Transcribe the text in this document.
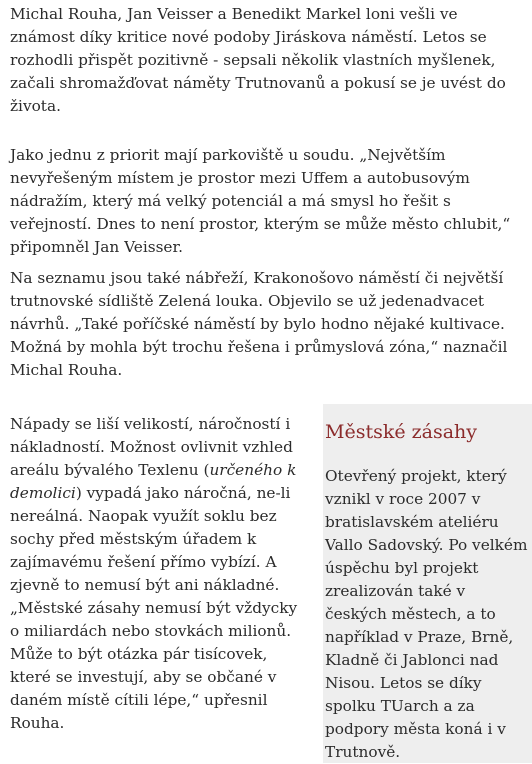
Michal Rouha, Jan Veisser a Benedikt Markel loni vešli ve známost díky kritice nové podoby Jiráskova náměstí. Letos se rozhodli přispět pozitivně - sepsali několik vlastních myšlenek, začali shromažďovat náměty Trutnovanů a pokusí se je uvést do života.

Jako jednu z priorit mají parkoviště u soudu. „Největším nevyřešeným místem je prostor mezi Uffem a autobusovým nádražím, který má velký potenciál a má smysl ho řešit s veřejností. Dnes to není prostor, kterým se může město chlubit,“ připomněl Jan Veisser.

Na seznamu jsou také nábřeží, Krakonošovo náměstí či největší trutnovské sídliště Zelená louka. Objevilo se už jedenadvacet návrhů. „Také poříčské náměstí by bylo hodno nějaké kultivace. Možná by mohla být trochu řešena i průmyslová zóna,“ naznačil Michal Rouha.

Nápady se liší velikostí, náročností i nákladností. Možnost ovlivnit vzhled areálu bývalého Texlenu (určeného k demolici) vypadá jako náročná, ne-li nereálná. Naopak využít soklu bez sochy před městským úřadem k zajímavému řešení přímo vybízí. A zjevně to nemusí být ani nákladné. „Městské zásahy nemusí být vždycky o miliardách nebo stovkách milionů. Může to být otázka pár tisícovek, které se investují, aby se občané v daném místě cítili lépe,“ upřesnil Rouha.

Městské zásahy

Otevřený projekt, který vznikl v roce 2007 v bratislavském ateliéru Vallo Sadovský. Po velkém úspěchu byl projekt zrealizován také v českých městech, a to například v Praze, Brně, Kladně či Jablonci nad Nisou. Letos se díky spolku TUarch a za podpory města koná i v Trutnově.
